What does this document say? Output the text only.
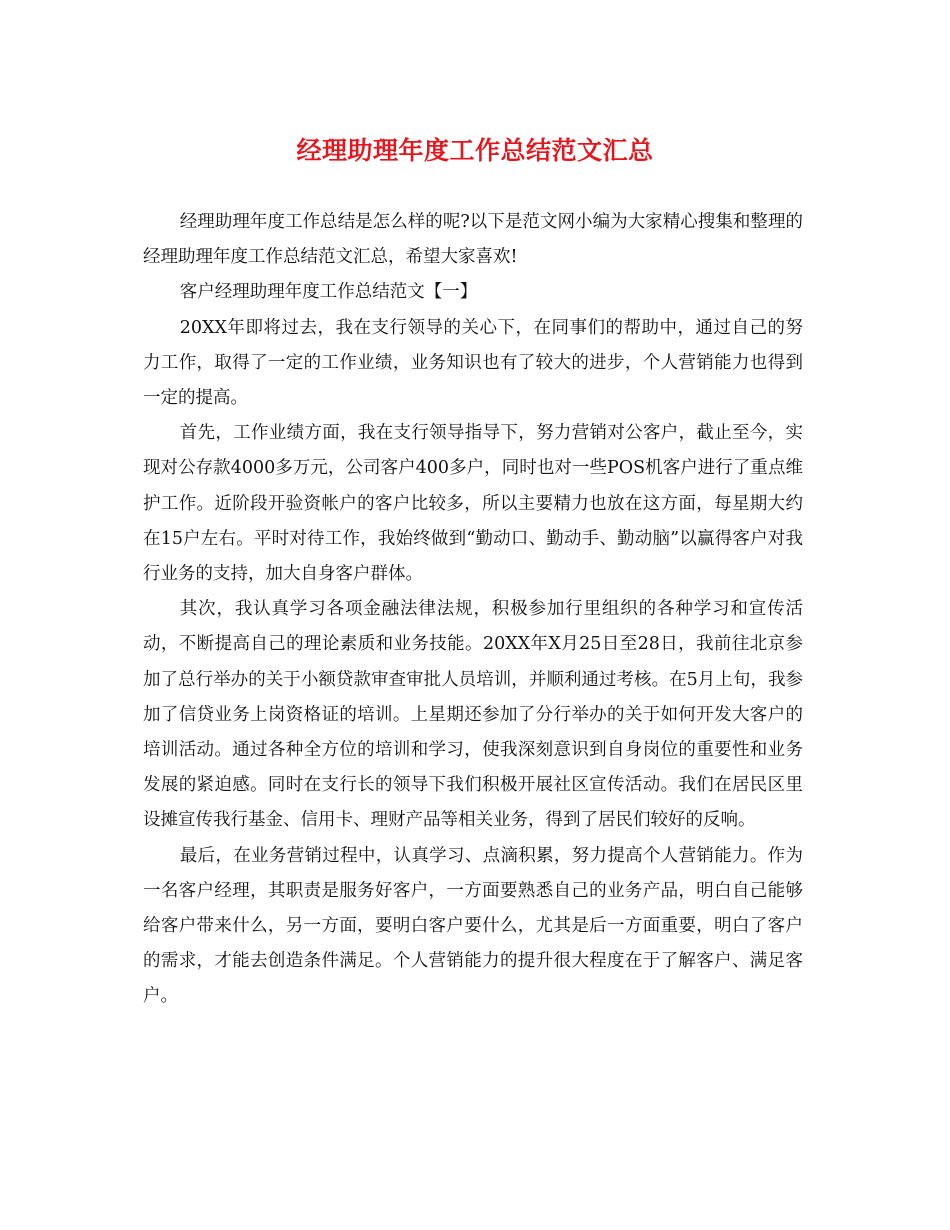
经理助理年度工作总结范文汇总

经理助理年度工作总结是怎么样的呢?以下是范文网小编为大家精心搜集和整理的经理助理年度工作总结范文汇总，希望大家喜欢!

客户经理助理年度工作总结范文【一】

20XX年即将过去，我在支行领导的关心下，在同事们的帮助中，通过自己的努力工作，取得了一定的工作业绩，业务知识也有了较大的进步，个人营销能力也得到一定的提高。

首先，工作业绩方面，我在支行领导指导下，努力营销对公客户，截止至今，实现对公存款4000多万元，公司客户400多户，同时也对一些POS机客户进行了重点维护工作。近阶段开验资帐户的客户比较多，所以主要精力也放在这方面，每星期大约在15户左右。平时对待工作，我始终做到“勤动口、勤动手、勤动脑”以赢得客户对我行业务的支持，加大自身客户群体。

其次，我认真学习各项金融法律法规，积极参加行里组织的各种学习和宣传活动，不断提高自己的理论素质和业务技能。20XX年X月25日至28日，我前往北京参加了总行举办的关于小额贷款审查审批人员培训，并顺利通过考核。在5月上旬，我参加了信贷业务上岗资格证的培训。上星期还参加了分行举办的关于如何开发大客户的培训活动。通过各种全方位的培训和学习，使我深刻意识到自身岗位的重要性和业务发展的紧迫感。同时在支行长的领导下我们积极开展社区宣传活动。我们在居民区里设摊宣传我行基金、信用卡、理财产品等相关业务，得到了居民们较好的反响。

最后，在业务营销过程中，认真学习、点滴积累，努力提高个人营销能力。作为一名客户经理，其职责是服务好客户，一方面要熟悉自己的业务产品，明白自己能够给客户带来什么，另一方面，要明白客户要什么，尤其是后一方面重要，明白了客户的需求，才能去创造条件满足。个人营销能力的提升很大程度在于了解客户、满足客户。
